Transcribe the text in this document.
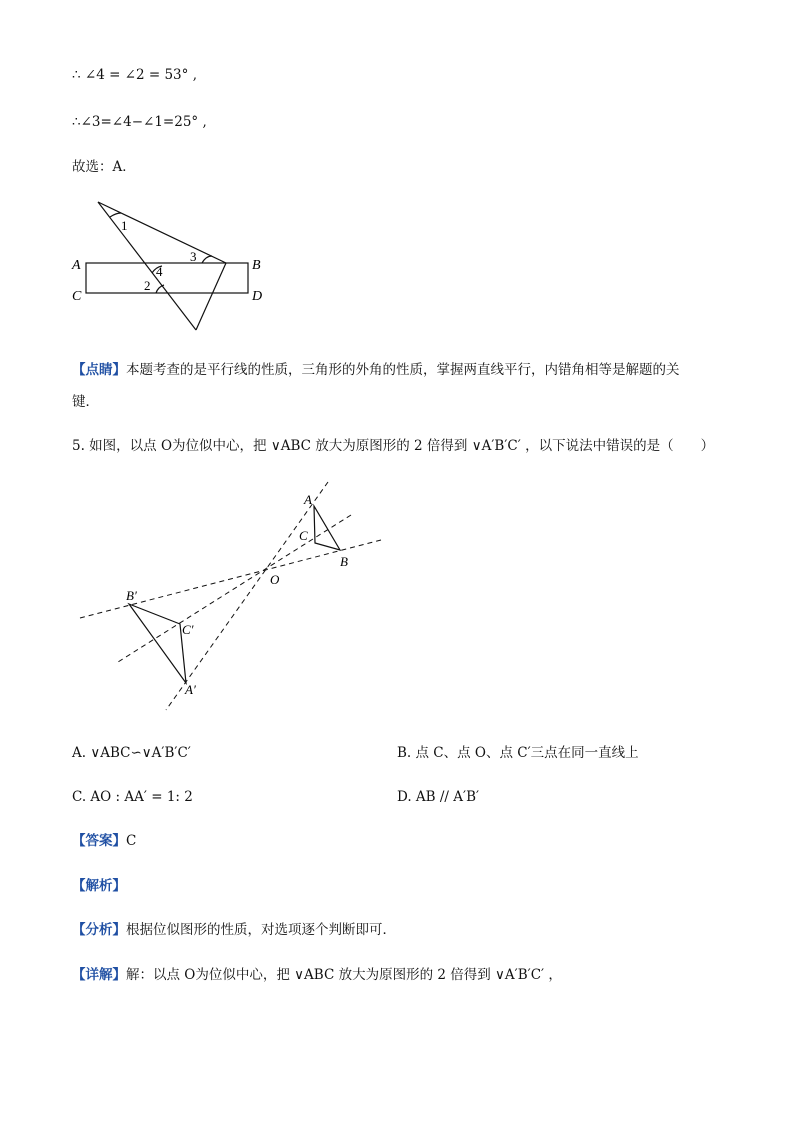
∴ ∠4 = ∠2 = 53° ,
∴∠3=∠4−∠1=25° ,
故选：A．
A	B
C	D
1
3
4
2
【点睛】本题考查的是平行线的性质，三角形的外角的性质，掌握两直线平行，内错角相等是解题的关
键．
5. 如图，以点 O为位似中心，把 ∨ABC 放大为原图形的 2 倍得到 ∨A′B′C′ ，以下说法中错误的是（　　）
A
B
C
O
A′
B′
C′
A. ∨ABC∽∨A′B′C′	B. 点 C、点 O、点 C′三点在同一直线上
C. AO : AA′ = 1: 2	D. AB // A′B′
【答案】C
【解析】
【分析】根据位似图形的性质，对选项逐个判断即可．
【详解】解：以点 O为位似中心，把 ∨ABC 放大为原图形的 2 倍得到 ∨A′B′C′ ，
